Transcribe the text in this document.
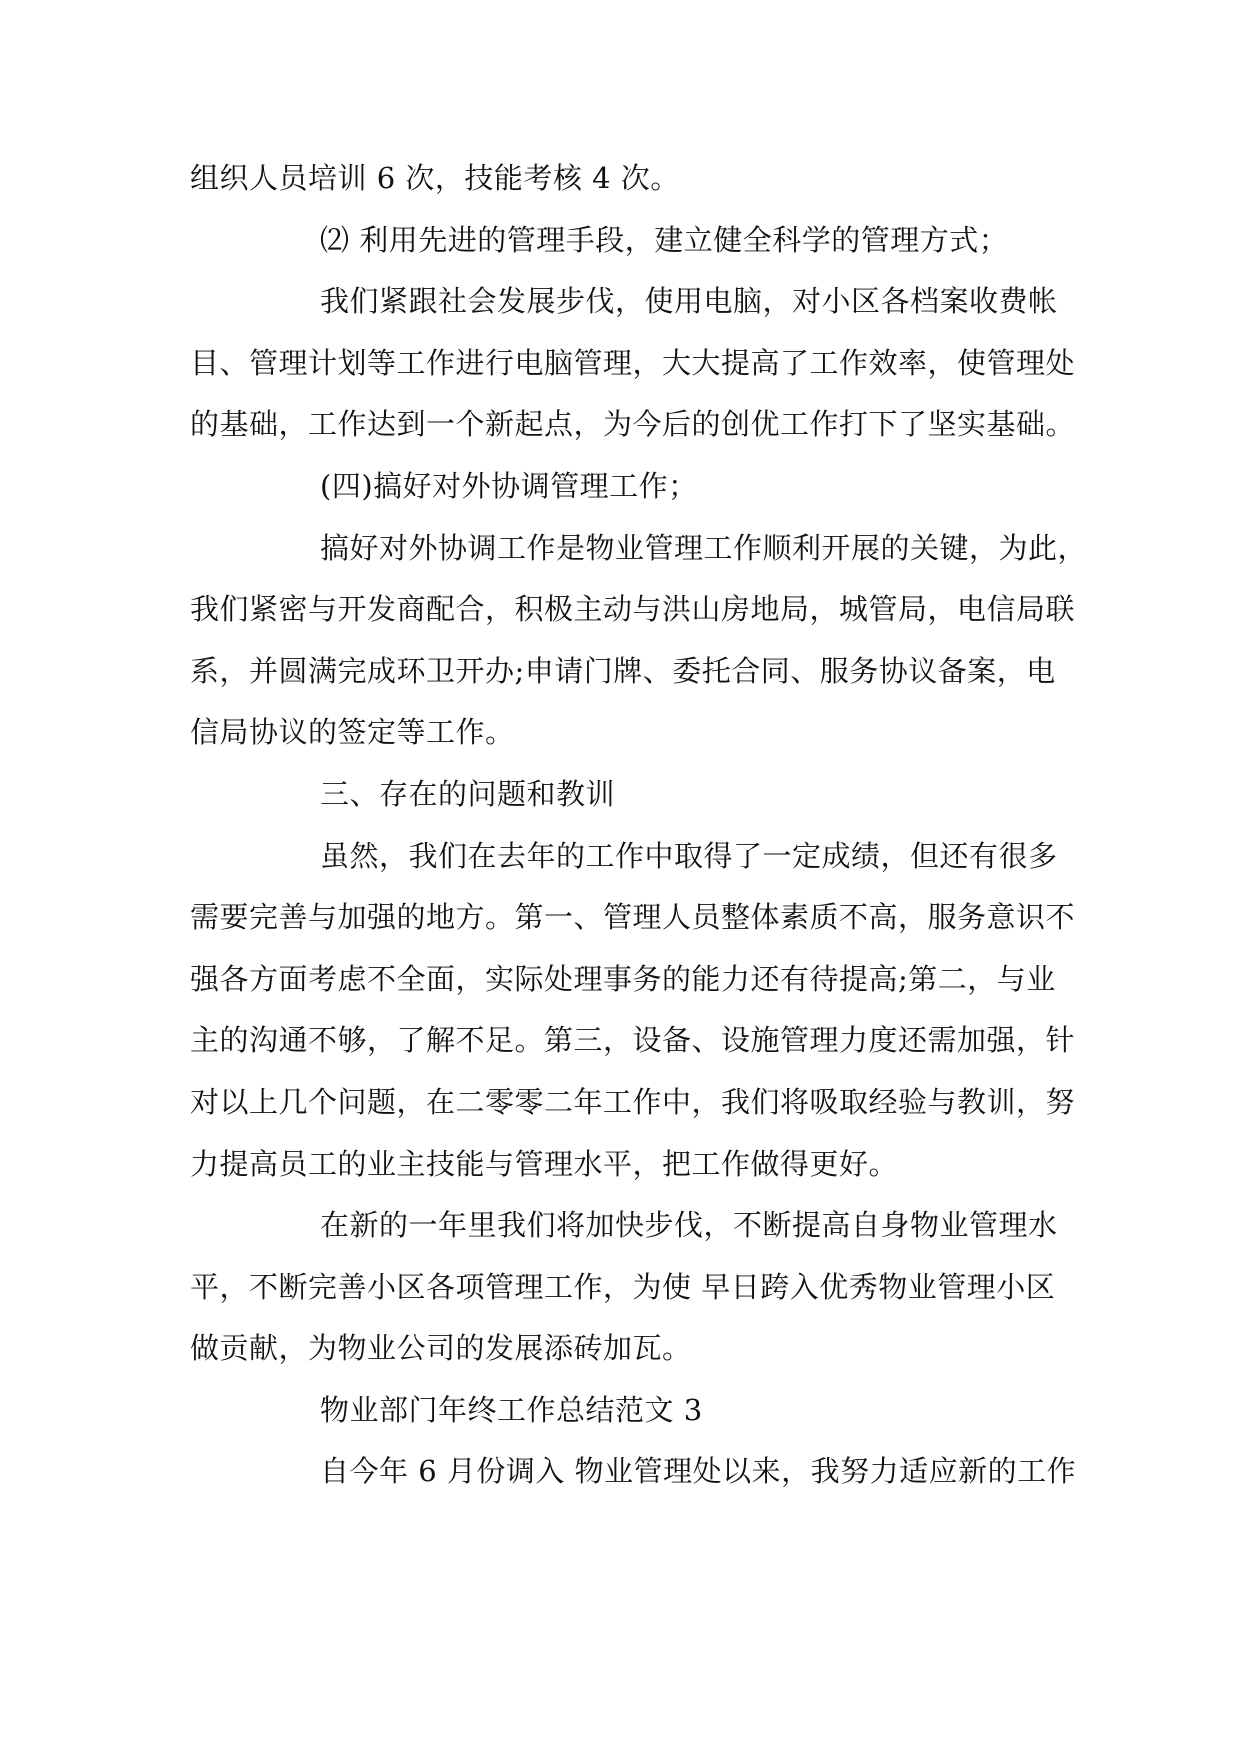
组织人员培训 6 次，技能考核 4 次。
⑵ 利用先进的管理手段，建立健全科学的管理方式；
我们紧跟社会发展步伐，使用电脑，对小区各档案收费帐
目、管理计划等工作进行电脑管理，大大提高了工作效率，使管理处
的基础，工作达到一个新起点，为今后的创优工作打下了坚实基础。
(四)搞好对外协调管理工作；
搞好对外协调工作是物业管理工作顺利开展的关键，为此，
我们紧密与开发商配合，积极主动与洪山房地局，城管局，电信局联
系，并圆满完成环卫开办;申请门牌、委托合同、服务协议备案，电
信局协议的签定等工作。
三、存在的问题和教训
虽然，我们在去年的工作中取得了一定成绩，但还有很多
需要完善与加强的地方。第一、管理人员整体素质不高，服务意识不
强各方面考虑不全面，实际处理事务的能力还有待提高;第二，与业
主的沟通不够，了解不足。第三，设备、设施管理力度还需加强，针
对以上几个问题，在二零零二年工作中，我们将吸取经验与教训，努
力提高员工的业主技能与管理水平，把工作做得更好。
在新的一年里我们将加快步伐，不断提高自身物业管理水
平，不断完善小区各项管理工作，为使 早日跨入优秀物业管理小区
做贡献，为物业公司的发展添砖加瓦。
物业部门年终工作总结范文 3
自今年 6 月份调入 物业管理处以来，我努力适应新的工作
